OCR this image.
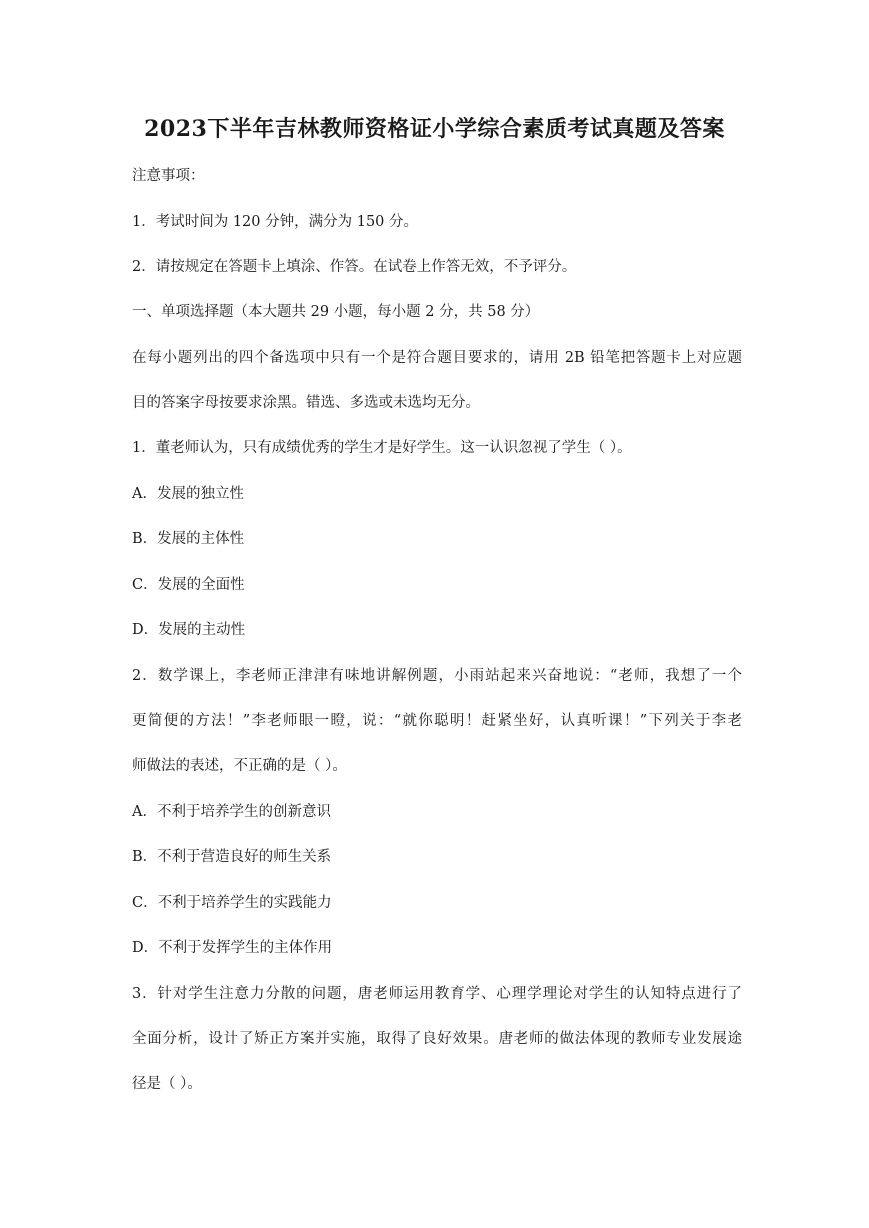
2023下半年吉林教师资格证小学综合素质考试真题及答案
注意事项：
1．考试时间为 120 分钟，满分为 150 分。
2．请按规定在答题卡上填涂、作答。在试卷上作答无效，不予评分。
一、单项选择题（本大题共 29 小题，每小题 2 分，共 58 分）
在每小题列出的四个备选项中只有一个是符合题目要求的，请用 2B 铅笔把答题卡上对应题
目的答案字母按要求涂黑。错选、多选或未选均无分。
1．董老师认为，只有成绩优秀的学生才是好学生。这一认识忽视了学生（ ）。
A．发展的独立性
B．发展的主体性
C．发展的全面性
D．发展的主动性
2．数学课上，李老师正津津有味地讲解例题，小雨站起来兴奋地说：“老师，我想了一个
更简便的方法！”李老师眼一瞪，说：“就你聪明！赶紧坐好，认真听课！”下列关于李老
师做法的表述，不正确的是（ ）。
A．不利于培养学生的创新意识
B．不利于营造良好的师生关系
C．不利于培养学生的实践能力
D．不利于发挥学生的主体作用
3．针对学生注意力分散的问题，唐老师运用教育学、心理学理论对学生的认知特点进行了
全面分析，设计了矫正方案并实施，取得了良好效果。唐老师的做法体现的教师专业发展途
径是（ ）。
